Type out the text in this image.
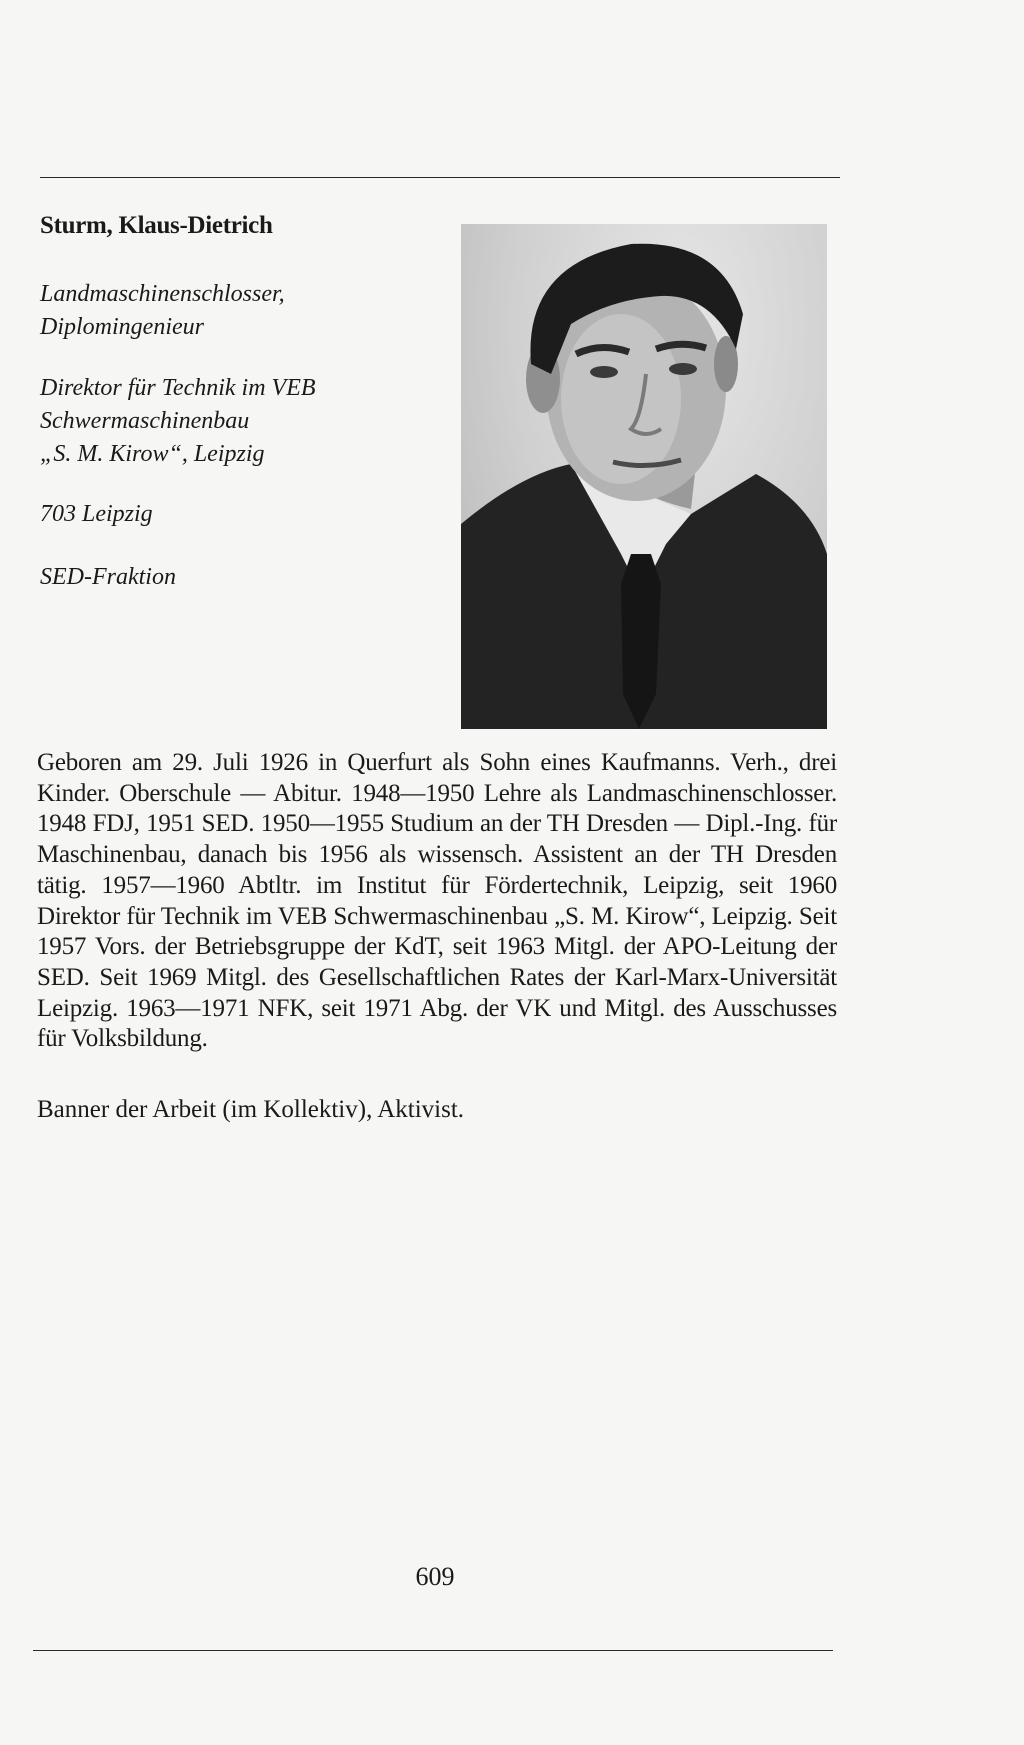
Sturm, Klaus-Dietrich
Landmaschinenschlosser,
Diplomingenieur
Direktor für Technik im VEB
Schwermaschinenbau
„S. M. Kirow“, Leipzig
703 Leipzig
SED-Fraktion

Geboren am 29. Juli 1926 in Querfurt als Sohn eines Kaufmanns. Verh., drei Kinder. Oberschule — Abitur. 1948—1950 Lehre als Landmaschinenschlosser. 1948 FDJ, 1951 SED. 1950—1955 Studium an der TH Dresden — Dipl.-Ing. für Maschinenbau, danach bis 1956 als wissensch. Assistent an der TH Dresden tätig. 1957—1960 Abtltr. im Institut für Fördertechnik, Leipzig, seit 1960 Direktor für Technik im VEB Schwermaschinenbau „S. M. Kirow“, Leipzig. Seit 1957 Vors. der Betriebsgruppe der KdT, seit 1963 Mitgl. der APO-Leitung der SED. Seit 1969 Mitgl. des Gesellschaftlichen Rates der Karl-Marx-Universität Leipzig. 1963—1971 NFK, seit 1971 Abg. der VK und Mitgl. des Ausschusses für Volksbildung.

Banner der Arbeit (im Kollektiv), Aktivist.
609
